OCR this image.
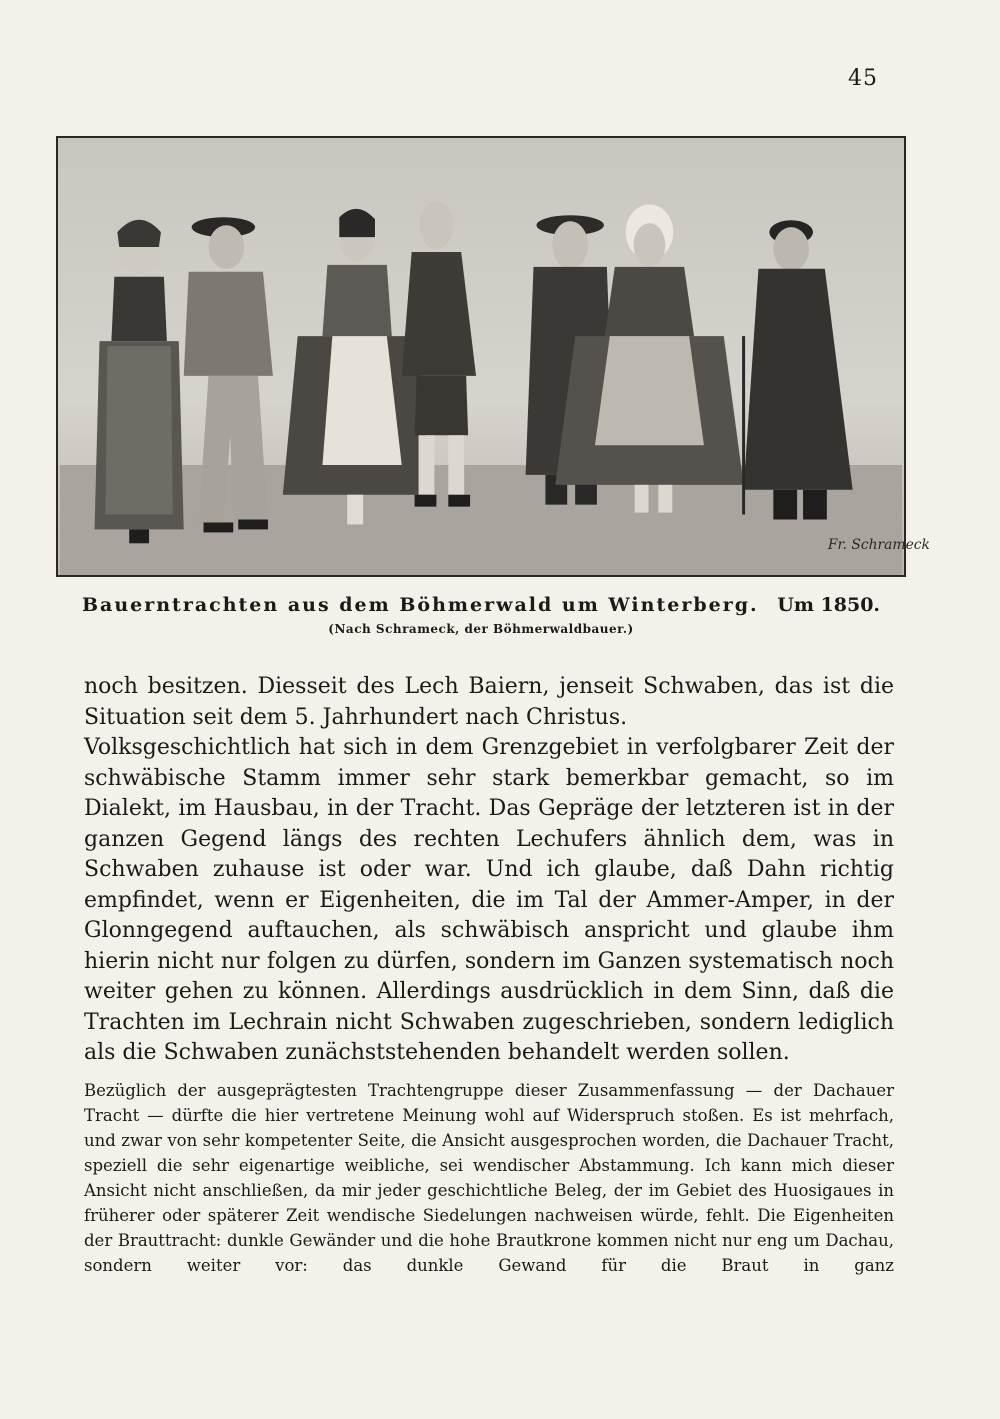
45
Fr. Schrameck
Bauerntrachten aus dem Böhmerwald um Winterberg. Um 1850.
(Nach Schrameck, der Böhmerwaldbauer.)

noch besitzen. Diesseit des Lech Baiern, jenseit Schwaben, das ist die Situation seit dem 5. Jahrhundert nach Christus.

Volksgeschichtlich hat sich in dem Grenzgebiet in verfolgbarer Zeit der schwäbische Stamm immer sehr stark bemerkbar gemacht, so im Dialekt, im Hausbau, in der Tracht. Das Gepräge der letzteren ist in der ganzen Gegend längs des rechten Lechufers ähnlich dem, was in Schwaben zuhause ist oder war. Und ich glaube, daß Dahn richtig empfindet, wenn er Eigenheiten, die im Tal der Ammer-Amper, in der Glonngegend auftauchen, als schwäbisch anspricht und glaube ihm hierin nicht nur folgen zu dürfen, sondern im Ganzen systematisch noch weiter gehen zu können. Allerdings ausdrücklich in dem Sinn, daß die Trachten im Lechrain nicht Schwaben zugeschrieben, sondern lediglich als die Schwaben zunächststehenden behandelt werden sollen.

Bezüglich der ausgeprägtesten Trachtengruppe dieser Zusammenfassung — der Dachauer Tracht — dürfte die hier vertretene Meinung wohl auf Widerspruch stoßen. Es ist mehrfach, und zwar von sehr kompetenter Seite, die Ansicht ausgesprochen worden, die Dachauer Tracht, speziell die sehr eigenartige weibliche, sei wendischer Abstammung. Ich kann mich dieser Ansicht nicht anschließen, da mir jeder geschichtliche Beleg, der im Gebiet des Huosigaues in früherer oder späterer Zeit wendische Siedelungen nachweisen würde, fehlt. Die Eigenheiten der Brauttracht: dunkle Gewänder und die hohe Brautkrone kommen nicht nur eng um Dachau, sondern weiter vor: das dunkle Gewand für die Braut in ganz
